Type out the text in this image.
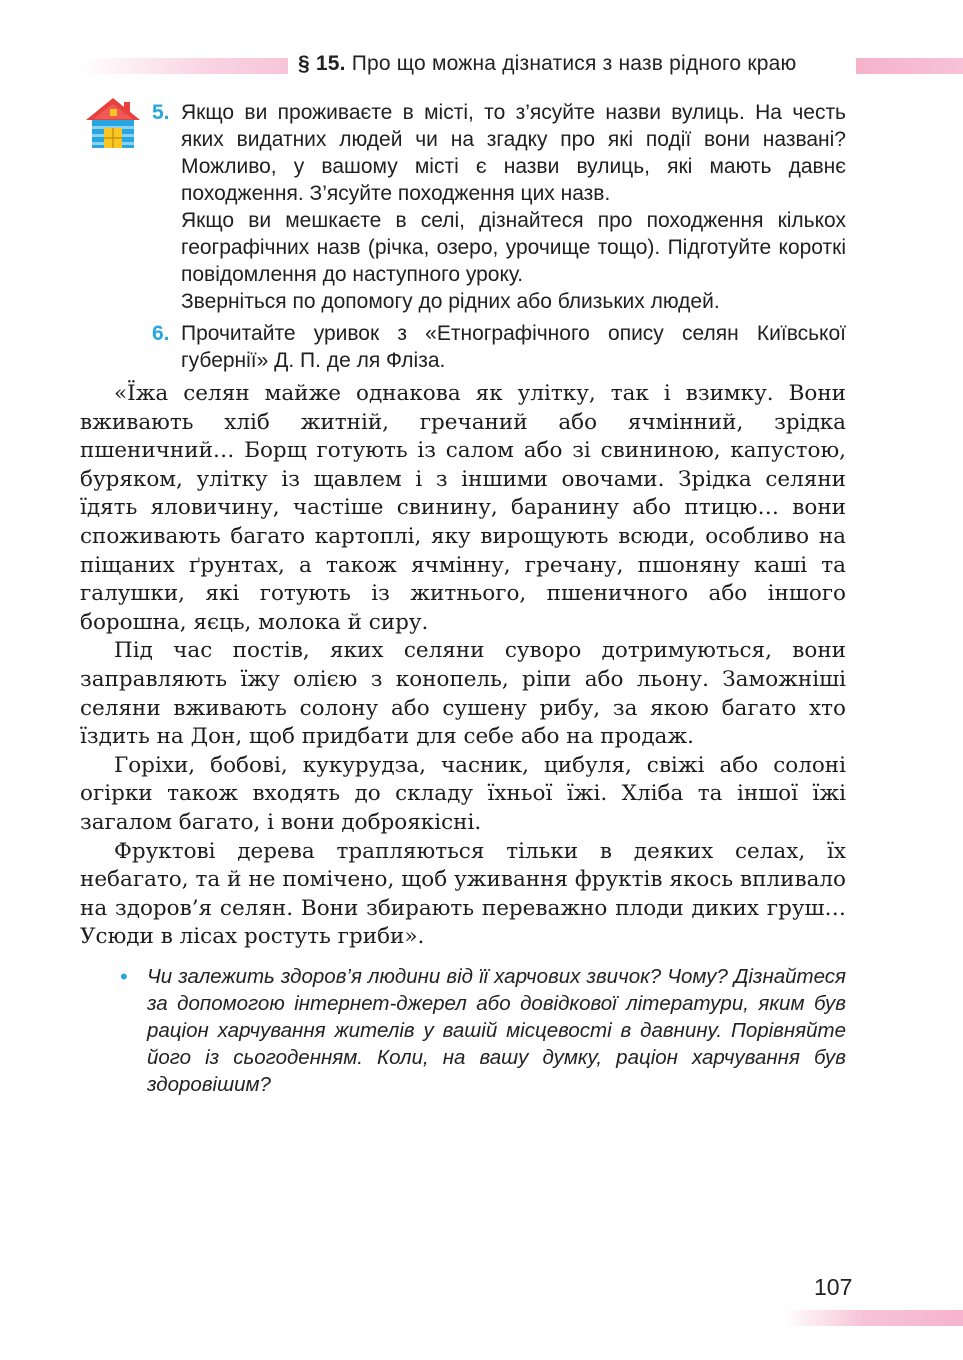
§ 15. Про що можна дізнатися з назв рідного краю
5. Якщо ви проживаєте в місті, то з’ясуйте назви вулиць. На честь яких видатних людей чи на згадку про які події вони названі? Можливо, у вашому місті є назви вулиць, які мають давнє походження. З’ясуйте походження цих назв.
Якщо ви мешкаєте в селі, дізнайтеся про походження кількох географічних назв (річка, озеро, урочище тощо). Підготуйте короткі повідомлення до наступного уроку.
Зверніться по допомогу до рідних або близьких людей.
6. Прочитайте уривок з «Етнографічного опису селян Київської губернії» Д. П. де ля Фліза.

«Їжа селян майже однакова як улітку, так і взимку. Вони вживають хліб житній, гречаний або ячмінний, зрідка пшеничний… Борщ готують із салом або зі свининою, капустою, буряком, улітку із щавлем і з іншими овочами. Зрідка селяни їдять яловичину, частіше свинину, баранину або птицю… вони споживають багато картоплі, яку вирощують всюди, особливо на піщаних ґрунтах, а також ячмінну, гречану, пшоняну каші та галушки, які готують із житнього, пшеничного або іншого борошна, яєць, молока й сиру.

Під час постів, яких селяни суворо дотримуються, вони заправляють їжу олією з конопель, ріпи або льону. Заможніші селяни вживають солону або сушену рибу, за якою багато хто їздить на Дон, щоб придбати для себе або на продаж.

Горіхи, бобові, кукурудза, часник, цибуля, свіжі або солоні огірки також входять до складу їхньої їжі. Хліба та іншої їжі загалом багато, і вони доброякісні.

Фруктові дерева трапляються тільки в деяких селах, їх небагато, та й не помічено, щоб уживання фруктів якось впливало на здоров’я селян. Вони збирають переважно плоди диких груш… Усюди в лісах ростуть гриби».

• Чи залежить здоров’я людини від її харчових звичок? Чому? Дізнайтеся за допомогою інтернет-джерел або довідкової літератури, яким був раціон харчування жителів у вашій місцевості в давнину. Порівняйте його із сьогоденням. Коли, на вашу думку, раціон харчування був здоровішим?
107
